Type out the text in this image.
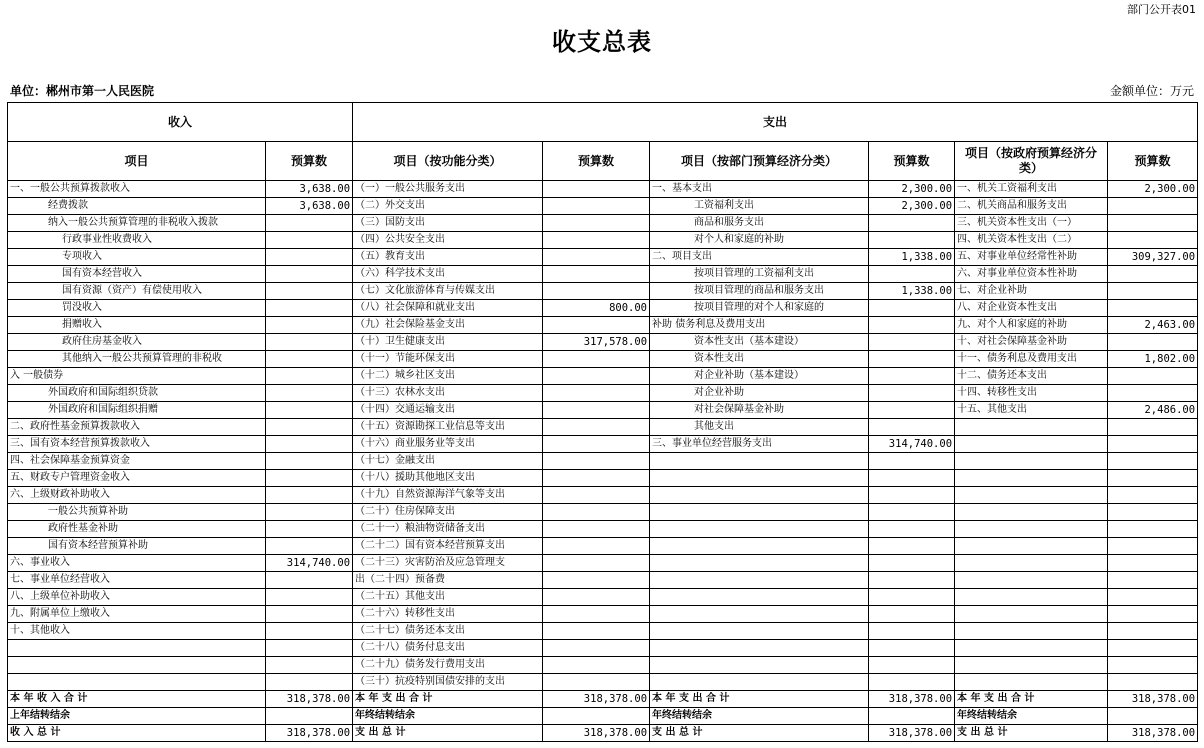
部门公开表01
收支总表
单位：郴州市第一人民医院	金额单位：万元
收入		支出					
项目	预算数	项目（按功能分类）	预算数	项目（按部门预算经济分类）	预算数	项目（按政府预算经济分类）	预算数
一、一般公共预算拨款收入	3,638.00	（一）一般公共服务支出		一、基本支出	2,300.00	一、机关工资福利支出	2,300.00
经费拨款	3,638.00	（二）外交支出		工资福利支出	2,300.00	二、机关商品和服务支出	
纳入一般公共预算管理的非税收入拨款		（三）国防支出		商品和服务支出		三、机关资本性支出（一）	
行政事业性收费收入		（四）公共安全支出		对个人和家庭的补助		四、机关资本性支出（二）	
专项收入		（五）教育支出		二、项目支出	1,338.00	五、对事业单位经常性补助	309,327.00
国有资本经营收入		（六）科学技术支出		按项目管理的工资福利支出		六、对事业单位资本性补助	
国有资源（资产）有偿使用收入		（七）文化旅游体育与传媒支出		按项目管理的商品和服务支出	1,338.00	七、对企业补助	
罚没收入		（八）社会保障和就业支出	800.00	按项目管理的对个人和家庭的		八、对企业资本性支出	
捐赠收入		（九）社会保险基金支出		补助 债务利息及费用支出		九、对个人和家庭的补助	2,463.00
政府住房基金收入		（十）卫生健康支出	317,578.00	资本性支出（基本建设）		十、对社会保障基金补助	
其他纳入一般公共预算管理的非税收		（十一）节能环保支出		资本性支出		十一、债务利息及费用支出	1,802.00
入 一般债券		（十二）城乡社区支出		对企业补助（基本建设）		十二、债务还本支出	
外国政府和国际组织贷款		（十三）农林水支出		对企业补助		十四、转移性支出	
外国政府和国际组织捐赠		（十四）交通运输支出		对社会保障基金补助		十五、其他支出	2,486.00
二、政府性基金预算拨款收入		（十五）资源勘探工业信息等支出		其他支出			
三、国有资本经营预算拨款收入		（十六）商业服务业等支出		三、事业单位经营服务支出	314,740.00		
四、社会保障基金预算资金		（十七）金融支出					
五、财政专户管理资金收入		（十八）援助其他地区支出					
六、上级财政补助收入		（十九）自然资源海洋气象等支出					
一般公共预算补助		（二十）住房保障支出					
政府性基金补助		（二十一）粮油物资储备支出					
国有资本经营预算补助		（二十二）国有资本经营预算支出					
六、事业收入	314,740.00	（二十三）灾害防治及应急管理支					
七、事业单位经营收入		出（二十四）预备费					
八、上级单位补助收入		（二十五）其他支出					
九、附属单位上缴收入		（二十六）转移性支出					
十、其他收入		（二十七）债务还本支出					
		（二十八）债务付息支出					
		（二十九）债务发行费用支出					
		（三十）抗疫特别国债安排的支出					
本 年 收 入 合 计	318,378.00	本 年 支 出 合 计	318,378.00	本 年 支 出 合 计	318,378.00	本 年 支 出 合 计	318,378.00
上年结转结余		年终结转结余		年终结转结余		年终结转结余	
收 入 总 计	318,378.00	支 出 总 计	318,378.00	支 出 总 计	318,378.00	支 出 总 计	318,378.00
